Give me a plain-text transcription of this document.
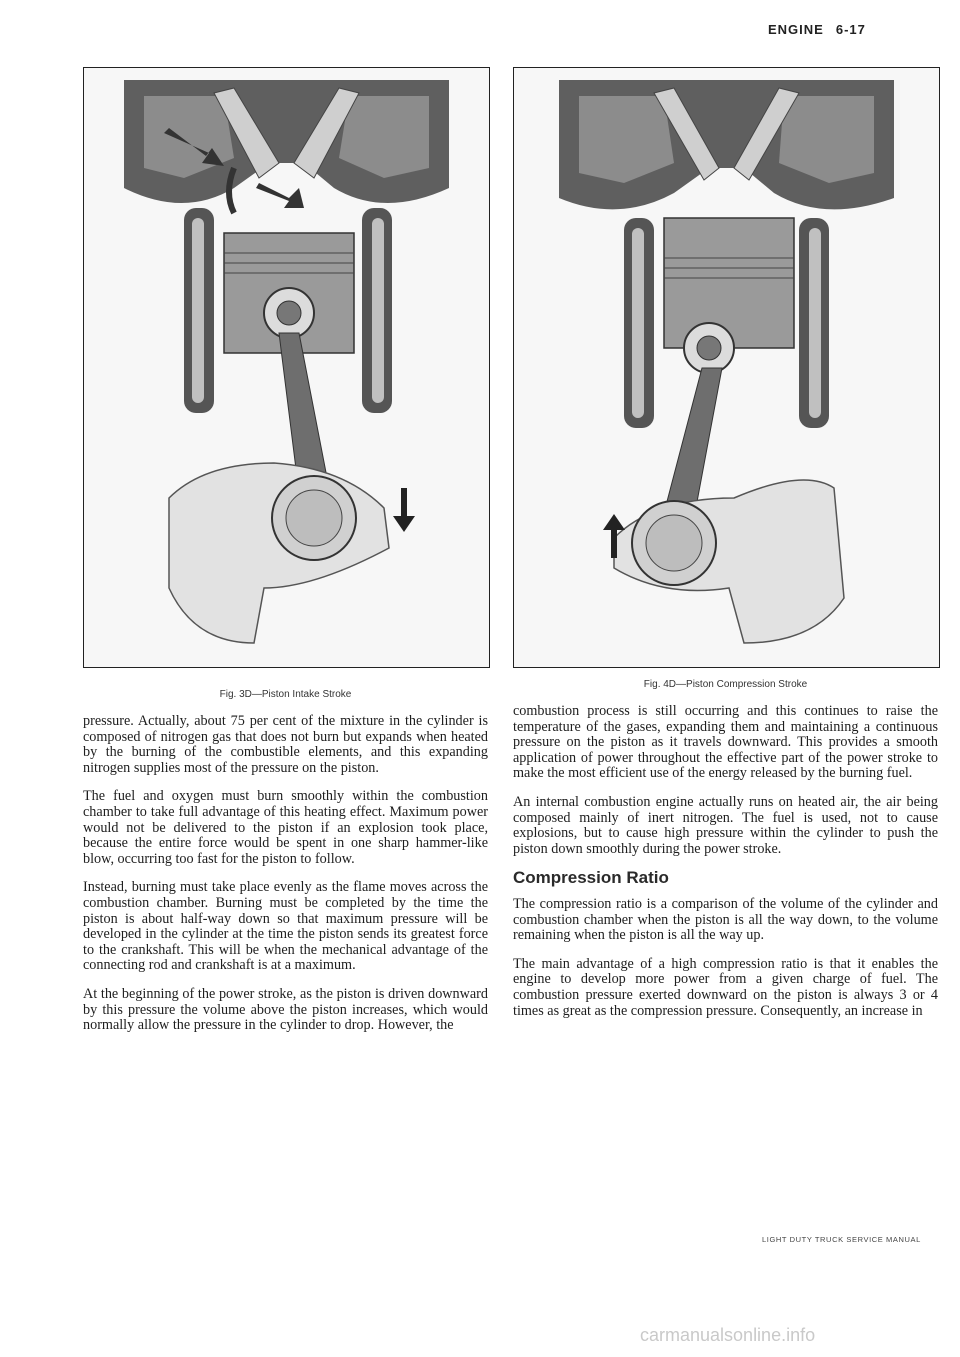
ENGINE 6-17
Fig. 3D—Piston Intake Stroke
Fig. 4D—Piston Compression Stroke

pressure. Actually, about 75 per cent of the mixture in the cylinder is composed of nitrogen gas that does not burn but expands when heated by the burning of the combustible elements, and this expanding nitrogen supplies most of the pressure on the piston.

The fuel and oxygen must burn smoothly within the combustion chamber to take full advantage of this heating effect. Maximum power would not be delivered to the piston if an explosion took place, because the entire force would be spent in one sharp hammer-like blow, occurring too fast for the piston to follow.

Instead, burning must take place evenly as the flame moves across the combustion chamber. Burning must be completed by the time the piston is about half-way down so that maximum pressure will be developed in the cylinder at the time the piston sends its greatest force to the crankshaft. This will be when the mechanical advantage of the connecting rod and crankshaft is at a maximum.

At the beginning of the power stroke, as the piston is driven downward by this pressure the volume above the piston increases, which would normally allow the pressure in the cylinder to drop. However, the

combustion process is still occurring and this continues to raise the temperature of the gases, expanding them and maintaining a continuous pressure on the piston as it travels downward. This provides a smooth application of power throughout the effective part of the power stroke to make the most efficient use of the energy released by the burning fuel.

An internal combustion engine actually runs on heated air, the air being composed mainly of inert nitrogen. The fuel is used, not to cause explosions, but to cause high pressure within the cylinder to push the piston down smoothly during the power stroke.

Compression Ratio

The compression ratio is a comparison of the volume of the cylinder and combustion chamber when the piston is all the way down, to the volume remaining when the piston is all the way up.

The main advantage of a high compression ratio is that it enables the engine to develop more power from a given charge of fuel. The combustion pressure exerted downward on the piston is always 3 or 4 times as great as the compression pressure. Consequently, an increase in

LIGHT DUTY TRUCK SERVICE MANUAL
carmanualsonline.info
